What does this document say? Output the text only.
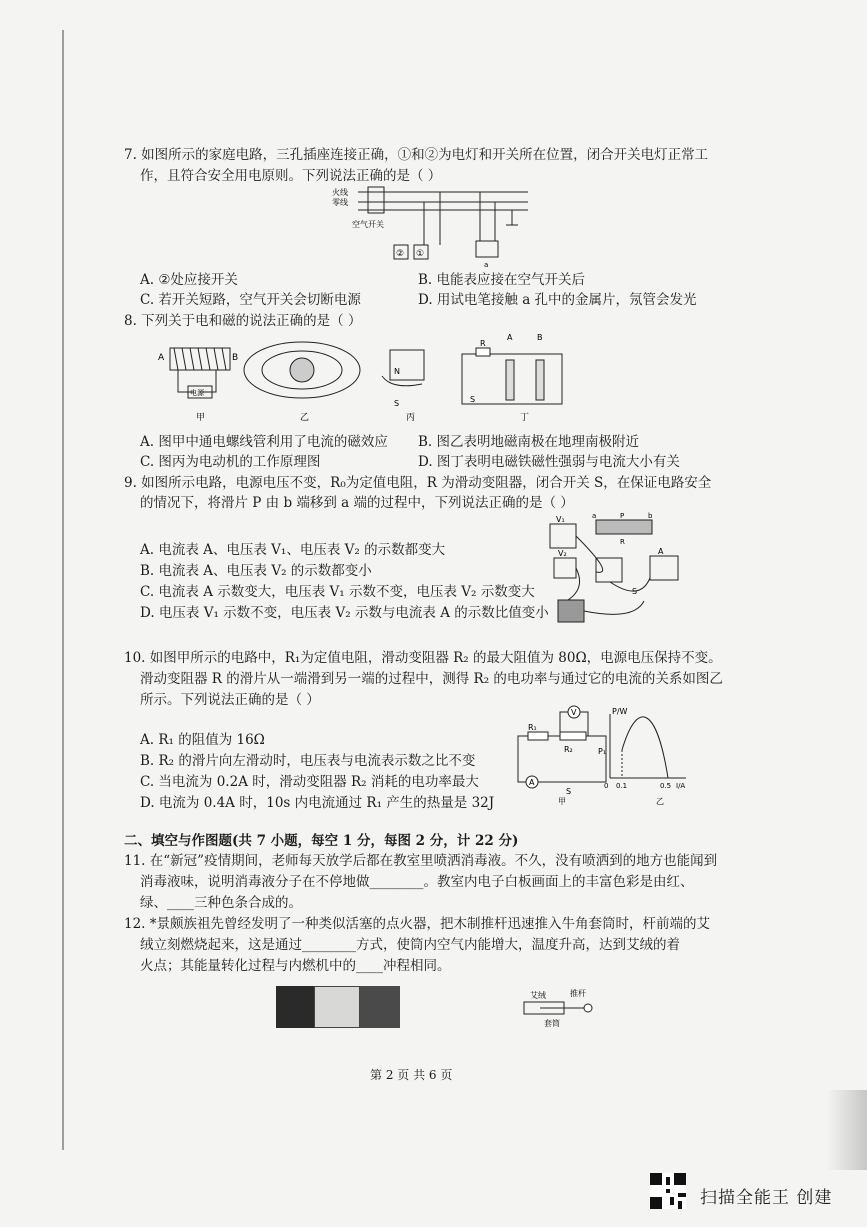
7. 如图所示的家庭电路，三孔插座连接正确，①和②为电灯和开关所在位置，闭合开关电灯正常工
作，且符合安全用电原则。下列说法正确的是（ ）
火线
零线
空气开关
② ①
a
A. ②处应接开关	B. 电能表应接在空气开关后
C. 若开关短路，空气开关会切断电源	D. 用试电笔接触 a 孔中的金属片，氖管会发光
8. 下列关于电和磁的说法正确的是（ ）
A	B
电源
甲	乙
N
S
丙
R
A	B
S
丁
A. 图甲中通电螺线管利用了电流的磁效应 B. 图乙表明地磁南极在地理南极附近
C. 图丙为电动机的工作原理图	D. 图丁表明电磁铁磁性强弱与电流大小有关
9. 如图所示电路，电源电压不变，R₀为定值电阻，R 为滑动变阻器，闭合开关 S，在保证电路安全
的情况下，将滑片 P 由 b 端移到 a 端的过程中，下列说法正确的是（ ）
V₁	a	P	b
R
V₂	A
S
A. 电流表 A、电压表 V₁、电压表 V₂ 的示数都变大
B. 电流表 A、电压表 V₂ 的示数都变小
C. 电流表 A 示数变大，电压表 V₁ 示数不变，电压表 V₂ 示数变大
D. 电压表 V₁ 示数不变，电压表 V₂ 示数与电流表 A 的示数比值变小
10. 如图甲所示的电路中，R₁为定值电阻，滑动变阻器 R₂ 的最大阻值为 80Ω，电源电压保持不变。
滑动变阻器 R 的滑片从一端滑到另一端的过程中，测得 R₂ 的电功率与通过它的电流的关系如图乙
所示。下列说法正确的是（ ）
R₁
R₂
V
A
S
甲
P/W
P₁
0 0.1	0.5 I/A
乙
A. R₁ 的阻值为 16Ω
B. R₂ 的滑片向左滑动时，电压表与电流表示数之比不变
C. 当电流为 0.2A 时，滑动变阻器 R₂ 消耗的电功率最大
D. 电流为 0.4A 时，10s 内电流通过 R₁ 产生的热量是 32J
二、填空与作图题(共 7 小题，每空 1 分，每图 2 分，计 22 分)
11. 在“新冠”疫情期间，老师每天放学后都在教室里喷洒消毒液。不久，没有喷洒到的地方也能闻到
消毒液味，说明消毒液分子在不停地做________。教室内电子白板画面上的丰富色彩是由红、
绿、____三种色条合成的。
12. *景颇族祖先曾经发明了一种类似活塞的点火器，把木制推杆迅速推入牛角套筒时，杆前端的艾
绒立刻燃烧起来，这是通过________方式，使筒内空气内能增大，温度升高，达到艾绒的着
火点；其能量转化过程与内燃机中的____冲程相同。
艾绒	推杆
套筒
第 2 页 共 6 页
扫描全能王 创建
